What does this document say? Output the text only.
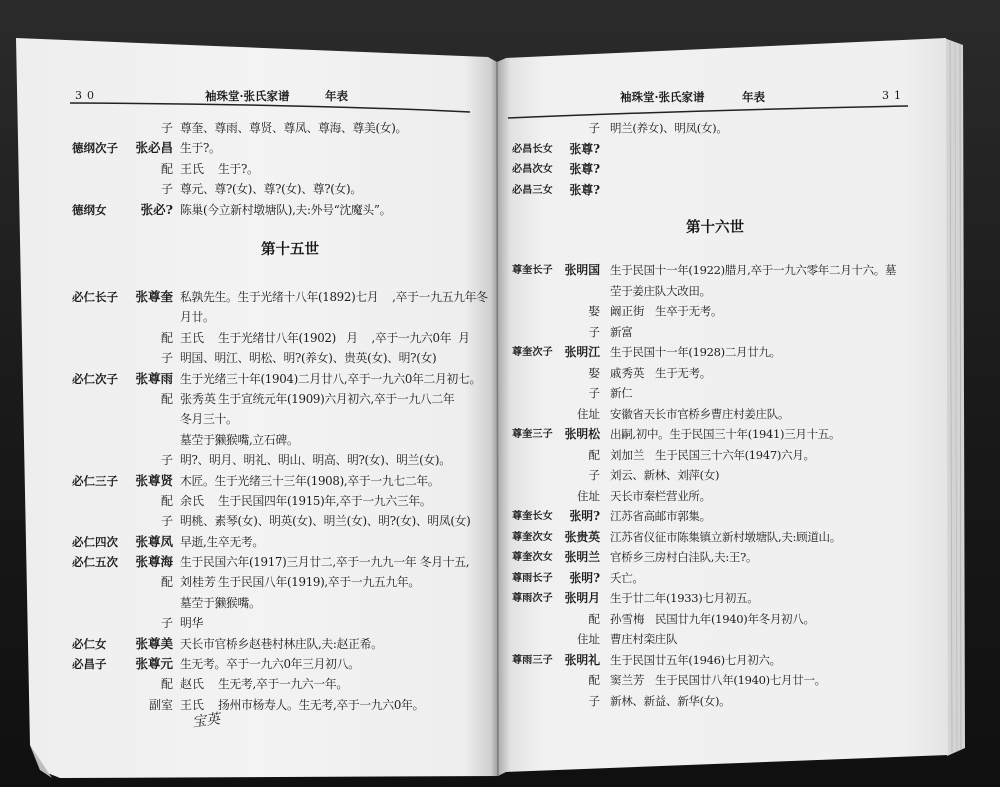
30	袖珠堂·张氏家谱	年表
子 尊奎、尊雨、尊贤、尊凤、尊海、尊美(女)。
德纲次子	张必昌 生于?。
配 王氏	生于?。
子 尊元、尊?(女)、尊?(女)、尊?(女)。
德纲女	张必? 陈巢(今立新村墩塘队),夫:外号“沈魔头”。
第十五世
必仁长子	张尊奎 私孰先生。生于光绪十八年(1892)七月    ,卒于一九五九年冬
月廿。
配 王氏	生于光绪廿八年(1902)   月    ,卒于一九六0年  月
子 明国、明江、明松、明?(养女)、贵英(女)、明?(女)
必仁次子	张尊雨 生于光绪三十年(1904)二月廿八,卒于一九六0年二月初七。
配 张秀英 生于宣统元年(1909)六月初六,卒于一九八二年
冬月三十。
墓茔于獭猴嘴,立石碑。
子 明?、明月、明礼、明山、明高、明?(女)、明兰(女)。
必仁三子	张尊贤 木匠。生于光绪三十三年(1908),卒于一九七二年。
配 余氏	生于民国四年(1915)年,卒于一九六三年。
子 明桃、素琴(女)、明英(女)、明兰(女)、明?(女)、明凤(女)
必仁四次	张尊凤 早逝,生卒无考。
必仁五次	张尊海 生于民国六年(1917)三月廿二,卒于一九九一年 冬月十五,
配 刘桂芳 生于民国八年(1919),卒于一九五九年。
墓茔于獭猴嘴。
子 明华
必仁女	张尊美 天长市官桥乡赵巷村林庄队,夫:赵正希。
必昌子	张尊元 生无考。卒于一九六0年三月初八。
配 赵氏	生无考,卒于一九六一年。
副室 王氏	扬州市杨寿人。生无考,卒于一九六0年。
宝英
袖珠堂·张氏家谱	年表	31
子 明兰(养女)、明凤(女)。
必昌长女	张尊?
必昌次女	张尊?
必昌三女	张尊?
第十六世
尊奎长子	张明国 生于民国十一年(1922)腊月,卒于一九六零年二月十六。墓
茔于姜庄队大改田。
娶 阚正街 生卒于无考。
子 新富
尊奎次子	张明江 生于民国十一年(1928)二月廿九。
娶 戚秀英 生于无考。
子 新仁
住址 安徽省天长市官桥乡曹庄村姜庄队。
尊奎三子	张明松 出嗣,初中。生于民国三十年(1941)三月十五。
配 刘加兰 生于民国三十六年(1947)六月。
子 刘云、新林、刘萍(女)
住址 天长市秦栏营业所。
尊奎长女	张明? 江苏省高邮市郭集。
尊奎次女	张贵英 江苏省仪征市陈集镇立新村墩塘队,夫:顾道山。
尊奎次女	张明兰 官桥乡三房村白洼队,夫:王?。
尊雨长子	张明? 夭亡。
尊雨次子	张明月 生于廿二年(1933)七月初五。
配 孙雪梅 民国廿九年(1940)年冬月初八。
住址 曹庄村栾庄队
尊雨三子	张明礼 生于民国廿五年(1946)七月初六。
配 窦兰芳 生于民国廿八年(1940)七月廿一。
子 新林、新益、新华(女)。
